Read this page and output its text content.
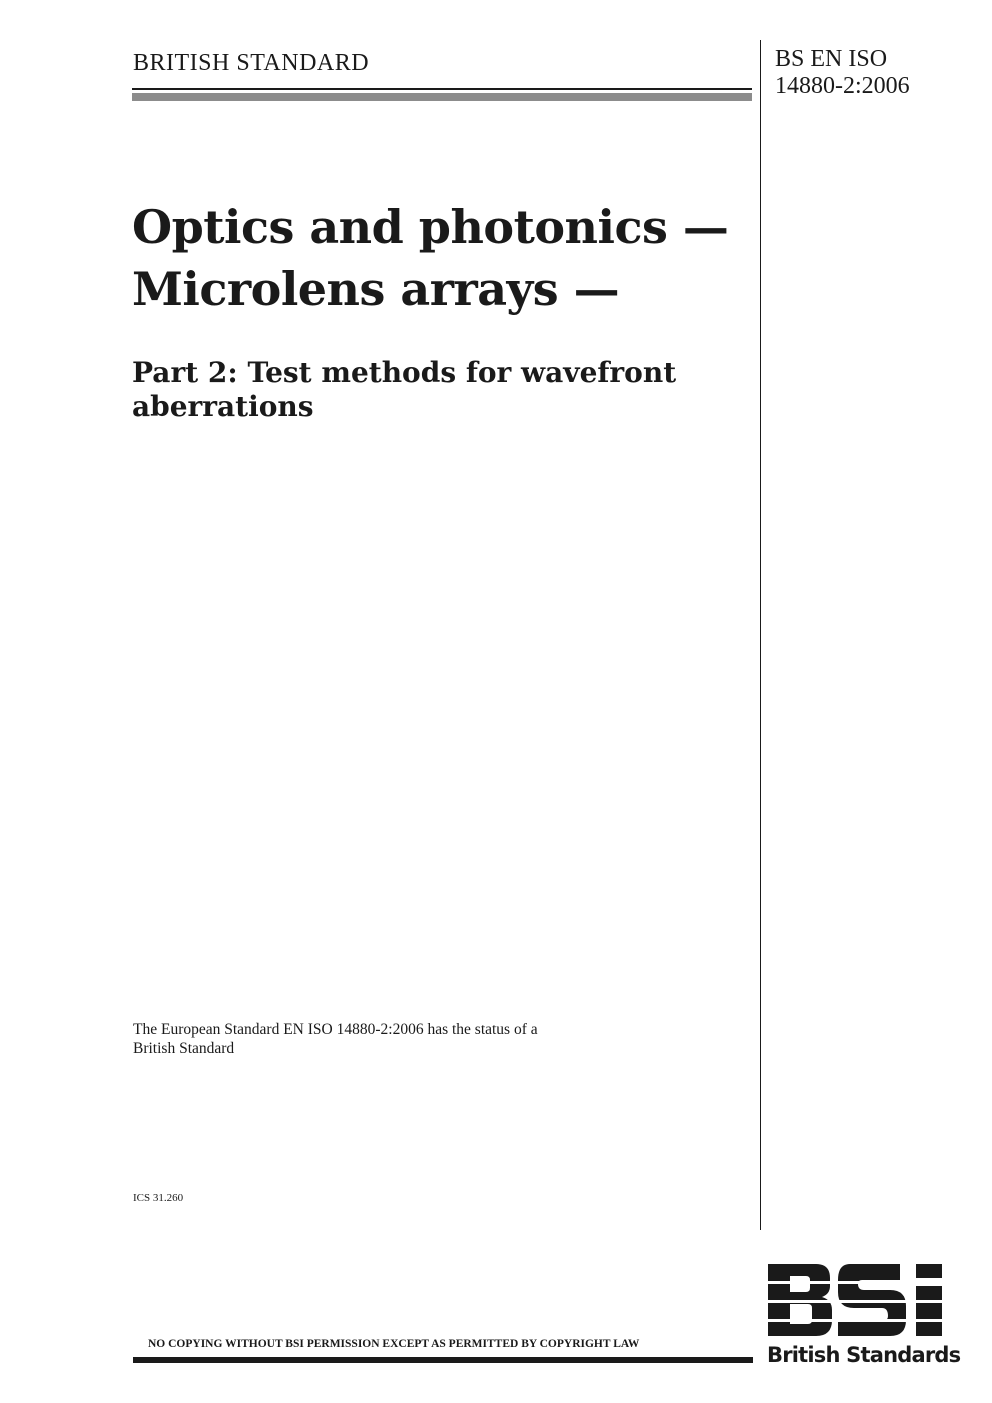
BRITISH STANDARD	BS EN ISO
14880-2:2006
Optics and photonics —
Microlens arrays —
Part 2: Test methods for wavefront
aberrations
The European Standard EN ISO 14880-2:2006 has the status of a
British Standard
ICS 31.260
NO COPYING WITHOUT BSI PERMISSION EXCEPT AS PERMITTED BY COPYRIGHT LAW	British Standards
